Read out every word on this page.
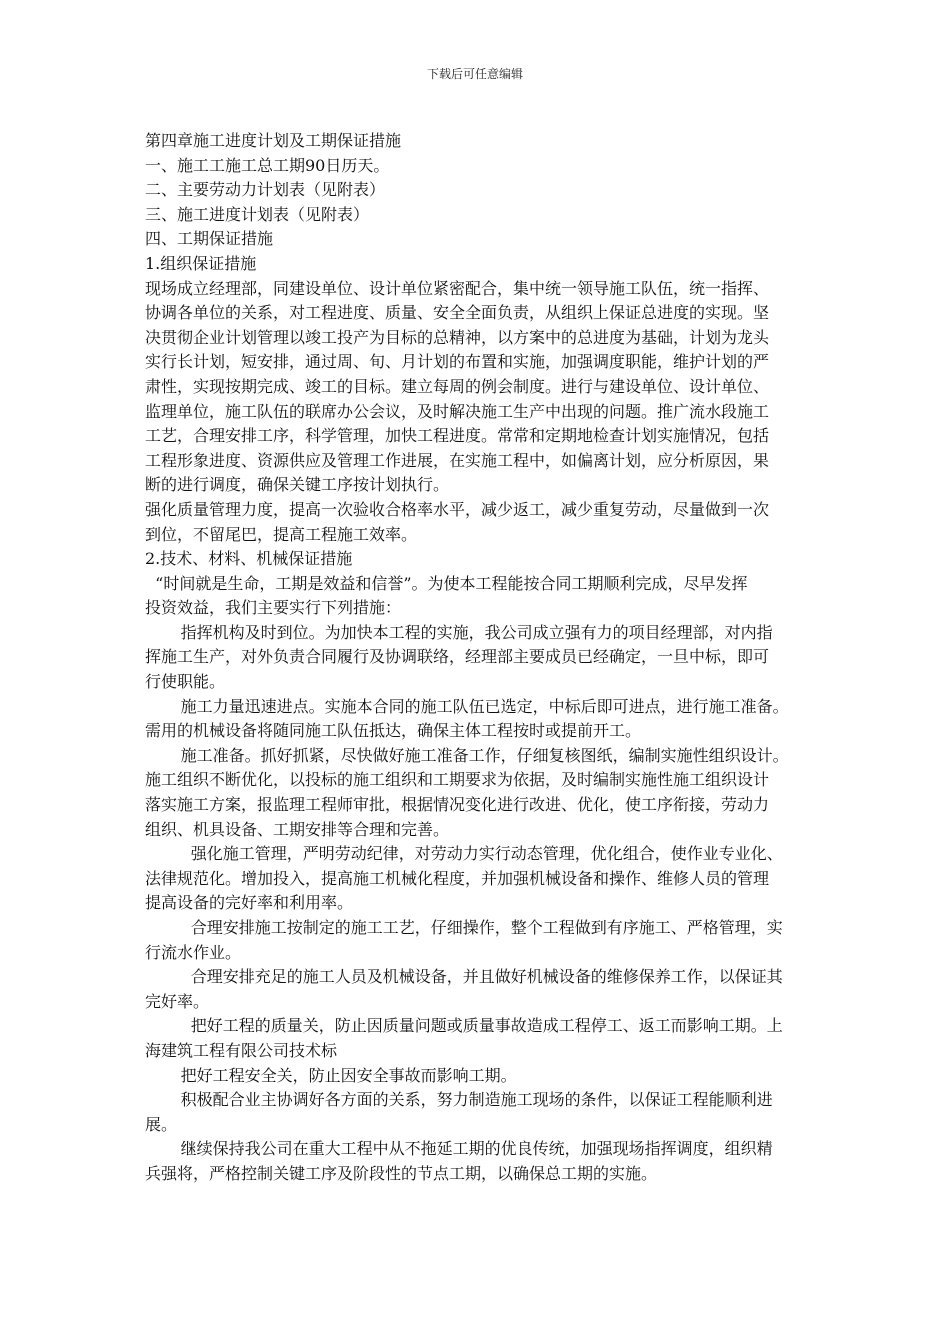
下载后可任意编辑

第四章施工进度计划及工期保证措施

一、施工工施工总工期90日历天。

二、主要劳动力计划表（见附表）

三、施工进度计划表（见附表）

四、工期保证措施

1.组织保证措施

现场成立经理部，同建设单位、设计单位紧密配合，集中统一领导施工队伍，统一指挥、

协调各单位的关系，对工程进度、质量、安全全面负责，从组织上保证总进度的实现。坚

决贯彻企业计划管理以竣工投产为目标的总精神，以方案中的总进度为基础，计划为龙头

实行长计划，短安排，通过周、旬、月计划的布置和实施，加强调度职能，维护计划的严

肃性，实现按期完成、竣工的目标。建立每周的例会制度。进行与建设单位、设计单位、

监理单位，施工队伍的联席办公会议，及时解决施工生产中出现的问题。推广流水段施工

工艺，合理安排工序，科学管理，加快工程进度。常常和定期地检查计划实施情况，包括

工程形象进度、资源供应及管理工作进展，在实施工程中，如偏离计划，应分析原因，果

断的进行调度，确保关键工序按计划执行。

强化质量管理力度，提高一次验收合格率水平，减少返工，减少重复劳动，尽量做到一次

到位，不留尾巴，提高工程施工效率。

2.技术、材料、机械保证措施

“时间就是生命，工期是效益和信誉”。为使本工程能按合同工期顺利完成，尽早发挥

投资效益，我们主要实行下列措施：

指挥机构及时到位。为加快本工程的实施，我公司成立强有力的项目经理部，对内指

挥施工生产，对外负责合同履行及协调联络，经理部主要成员已经确定，一旦中标，即可

行使职能。

施工力量迅速进点。实施本合同的施工队伍已选定，中标后即可进点，进行施工准备。

需用的机械设备将随同施工队伍抵达，确保主体工程按时或提前开工。

施工准备。抓好抓紧，尽快做好施工准备工作，仔细复核图纸，编制实施性组织设计。

施工组织不断优化，以投标的施工组织和工期要求为依据，及时编制实施性施工组织设计

落实施工方案，报监理工程师审批，根据情况变化进行改进、优化，使工序衔接，劳动力

组织、机具设备、工期安排等合理和完善。

强化施工管理，严明劳动纪律，对劳动力实行动态管理，优化组合，使作业专业化、

法律规范化。增加投入，提高施工机械化程度，并加强机械设备和操作、维修人员的管理

提高设备的完好率和利用率。

合理安排施工按制定的施工工艺，仔细操作，整个工程做到有序施工、严格管理，实

行流水作业。

合理安排充足的施工人员及机械设备，并且做好机械设备的维修保养工作，以保证其

完好率。

把好工程的质量关，防止因质量问题或质量事故造成工程停工、返工而影响工期。上

海建筑工程有限公司技术标

把好工程安全关，防止因安全事故而影响工期。

积极配合业主协调好各方面的关系，努力制造施工现场的条件，以保证工程能顺利进

展。

继续保持我公司在重大工程中从不拖延工期的优良传统，加强现场指挥调度，组织精

兵强将，严格控制关键工序及阶段性的节点工期，以确保总工期的实施。
